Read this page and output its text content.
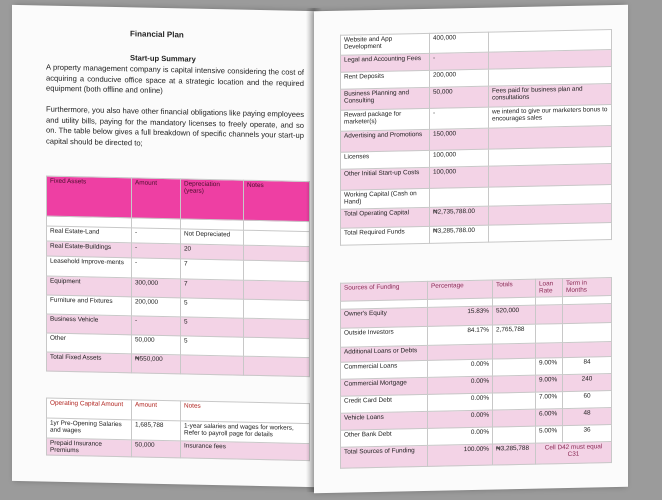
Financial Plan
Start-up Summary
A property management company is capital intensive considering the cost of acquiring a conducive office space at a strategic location and the required equipment (both offline and online)
Furthermore, you also have other financial obligations like paying employees and utility bills, paying for the mandatory licenses to freely operate, and so on. The table below gives a full breakdown of specific channels your start-up capital should be directed to;
Fixed Assets	Amount	Depreciation (years)	Notes

Real Estate-Land	-	Not Depreciated	
Real Estate-Buildings	-	20	
Leasehold Improve-ments	-	7	
Equipment	300,000	7	
Furniture and Fixtures	200,000	5	
Business Vehicle	-	5	
Other	50,000	5	
Total Fixed Assets	₦550,000		
Operating Capital Amount	Amount	Notes
1yr Pre-Opening Salaries and wages	1,685,788	1-year salaries and wages for workers, Refer to payroll page for details
Prepaid Insurance Premiums	50,000	Insurance fees
Website and App Development	400,000	
Legal and Accounting Fees	-	
Rent Deposits	200,000	
Business Planning and Consulting	50,000	Fees paid for business plan and consultations
Reward package for marketer(s)	-	we intend to give our marketers bonus to encourages sales
Advertising and Promotions	150,000	
Licenses	100,000	
Other Initial Start-up Costs	100,000	
Working Capital (Cash on Hand)		
Total Operating Capital	₦2,735,788.00	
Total Required Funds	₦3,285,788.00	
Sources of Funding	Percentage	Totals	Loan Rate	Term in Months

Owner's Equity	15.83%	520,000		
Outside Investors	84.17%	2,765,788		
Additional Loans or Debts				
Commercial Loans	0.00%		9.00%	84
Commercial Mortgage	0.00%		9.00%	240
Credit Card Debt	0.00%		7.00%	60
Vehicle Loans	0.00%		6.00%	48
Other Bank Debt	0.00%		5.00%	36
Total Sources of Funding	100.00%	₦3,285,788	Cell D42 must equal C31	
